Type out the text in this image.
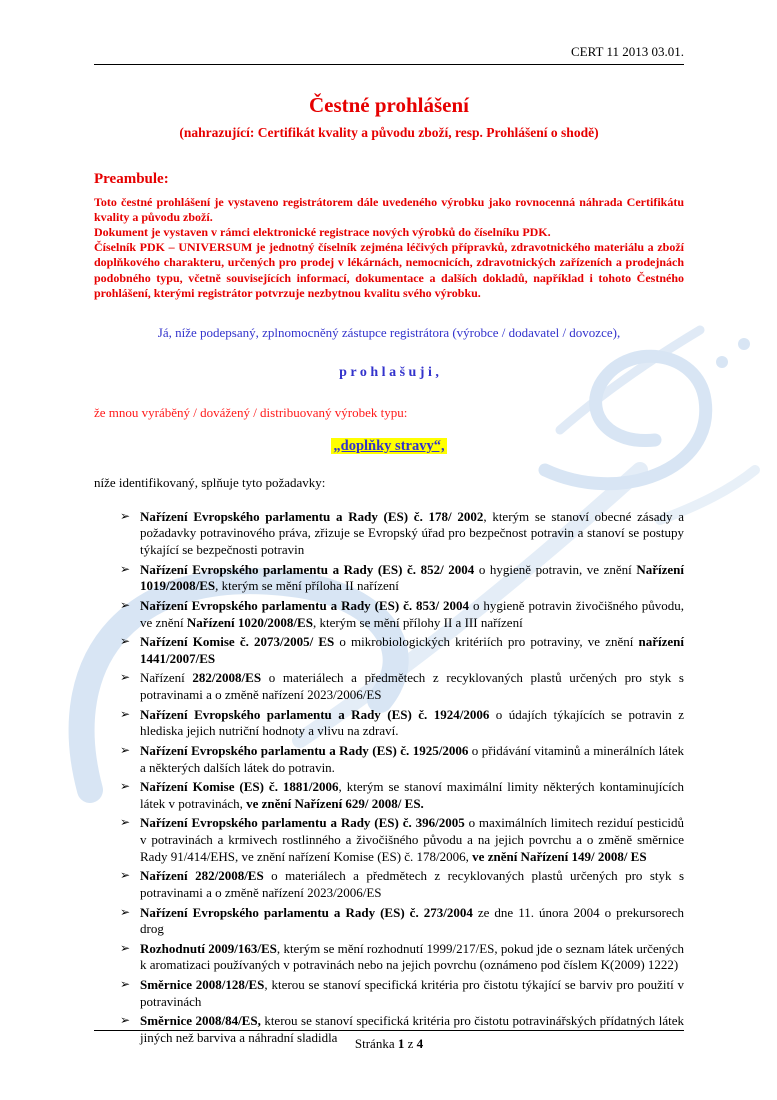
CERT 11 2013 03.01.
Čestné prohlášení
(nahrazující: Certifikát kvality a původu zboží, resp. Prohlášení o shodě)
Preambule:

Toto čestné prohlášení je vystaveno registrátorem dále uvedeného výrobku jako rovnocenná náhrada Certifikátu kvality a původu zboží.

Dokument je vystaven v rámci elektronické registrace nových výrobků do číselníku PDK.

Číselník PDK – UNIVERSUM je jednotný číselník zejména léčivých přípravků, zdravotnického materiálu a zboží doplňkového charakteru, určených pro prodej v lékárnách, nemocnicích, zdravotnických zařízeních a prodejnách podobného typu, včetně souvisejících informací, dokumentace a dalších dokladů, například i tohoto Čestného prohlášení, kterými registrátor potvrzuje nezbytnou kvalitu svého výrobku.

Já, níže podepsaný, zplnomocněný zástupce registrátora (výrobce / dodavatel / dovozce),

p r o h l a š u j i ,

že mnou vyráběný / dovážený / distribuovaný výrobek typu:

„doplňky stravy“,

níže identifikovaný, splňuje tyto požadavky:

➢ Nařízení Evropského parlamentu a Rady (ES) č. 178/ 2002, kterým se stanoví obecné zásady a požadavky potravinového práva, zřizuje se Evropský úřad pro bezpečnost potravin a stanoví se postupy týkající se bezpečnosti potravin
➢ Nařízení Evropského parlamentu a Rady (ES) č. 852/ 2004 o hygieně potravin, ve znění Nařízení 1019/2008/ES, kterým se mění příloha II nařízení
➢ Nařízení Evropského parlamentu a Rady (ES) č. 853/ 2004 o hygieně potravin živočišného původu, ve znění Nařízení 1020/2008/ES, kterým se mění přílohy II a III nařízení
➢ Nařízení Komise č. 2073/2005/ ES o mikrobiologických kritériích pro potraviny, ve znění nařízení 1441/2007/ES
➢ Nařízení 282/2008/ES o materiálech a předmětech z recyklovaných plastů určených pro styk s potravinami a o změně nařízení 2023/2006/ES
➢ Nařízení Evropského parlamentu a Rady (ES) č. 1924/2006 o údajích týkajících se potravin z hlediska jejich nutriční hodnoty a vlivu na zdraví.
➢ Nařízení Evropského parlamentu a Rady (ES) č. 1925/2006 o přidávání vitaminů a minerálních látek a některých dalších látek do potravin.
➢ Nařízení Komise (ES) č. 1881/2006, kterým se stanoví maximální limity některých kontaminujících látek v potravinách, ve znění Nařízení 629/ 2008/ ES.
➢ Nařízení Evropského parlamentu a Rady (ES) č. 396/2005 o maximálních limitech reziduí pesticidů v potravinách a krmivech rostlinného a živočišného původu a na jejich povrchu a o změně směrnice Rady 91/414/EHS, ve znění nařízení Komise (ES) č. 178/2006, ve znění Nařízení 149/ 2008/ ES
➢ Nařízení 282/2008/ES o materiálech a předmětech z recyklovaných plastů určených pro styk s potravinami a o změně nařízení 2023/2006/ES
➢ Nařízení Evropského parlamentu a Rady (ES) č. 273/2004 ze dne 11. února 2004 o prekursorech drog
➢ Rozhodnutí 2009/163/ES, kterým se mění rozhodnutí 1999/217/ES, pokud jde o seznam látek určených k aromatizaci používaných v potravinách nebo na jejich povrchu (oznámeno pod číslem K(2009) 1222)
➢ Směrnice 2008/128/ES, kterou se stanoví specifická kritéria pro čistotu týkající se barviv pro použití v potravinách
➢ Směrnice 2008/84/ES, kterou se stanoví specifická kritéria pro čistotu potravinářských přídatných látek jiných než barviva a náhradní sladidla	Stránka 1 z 4
